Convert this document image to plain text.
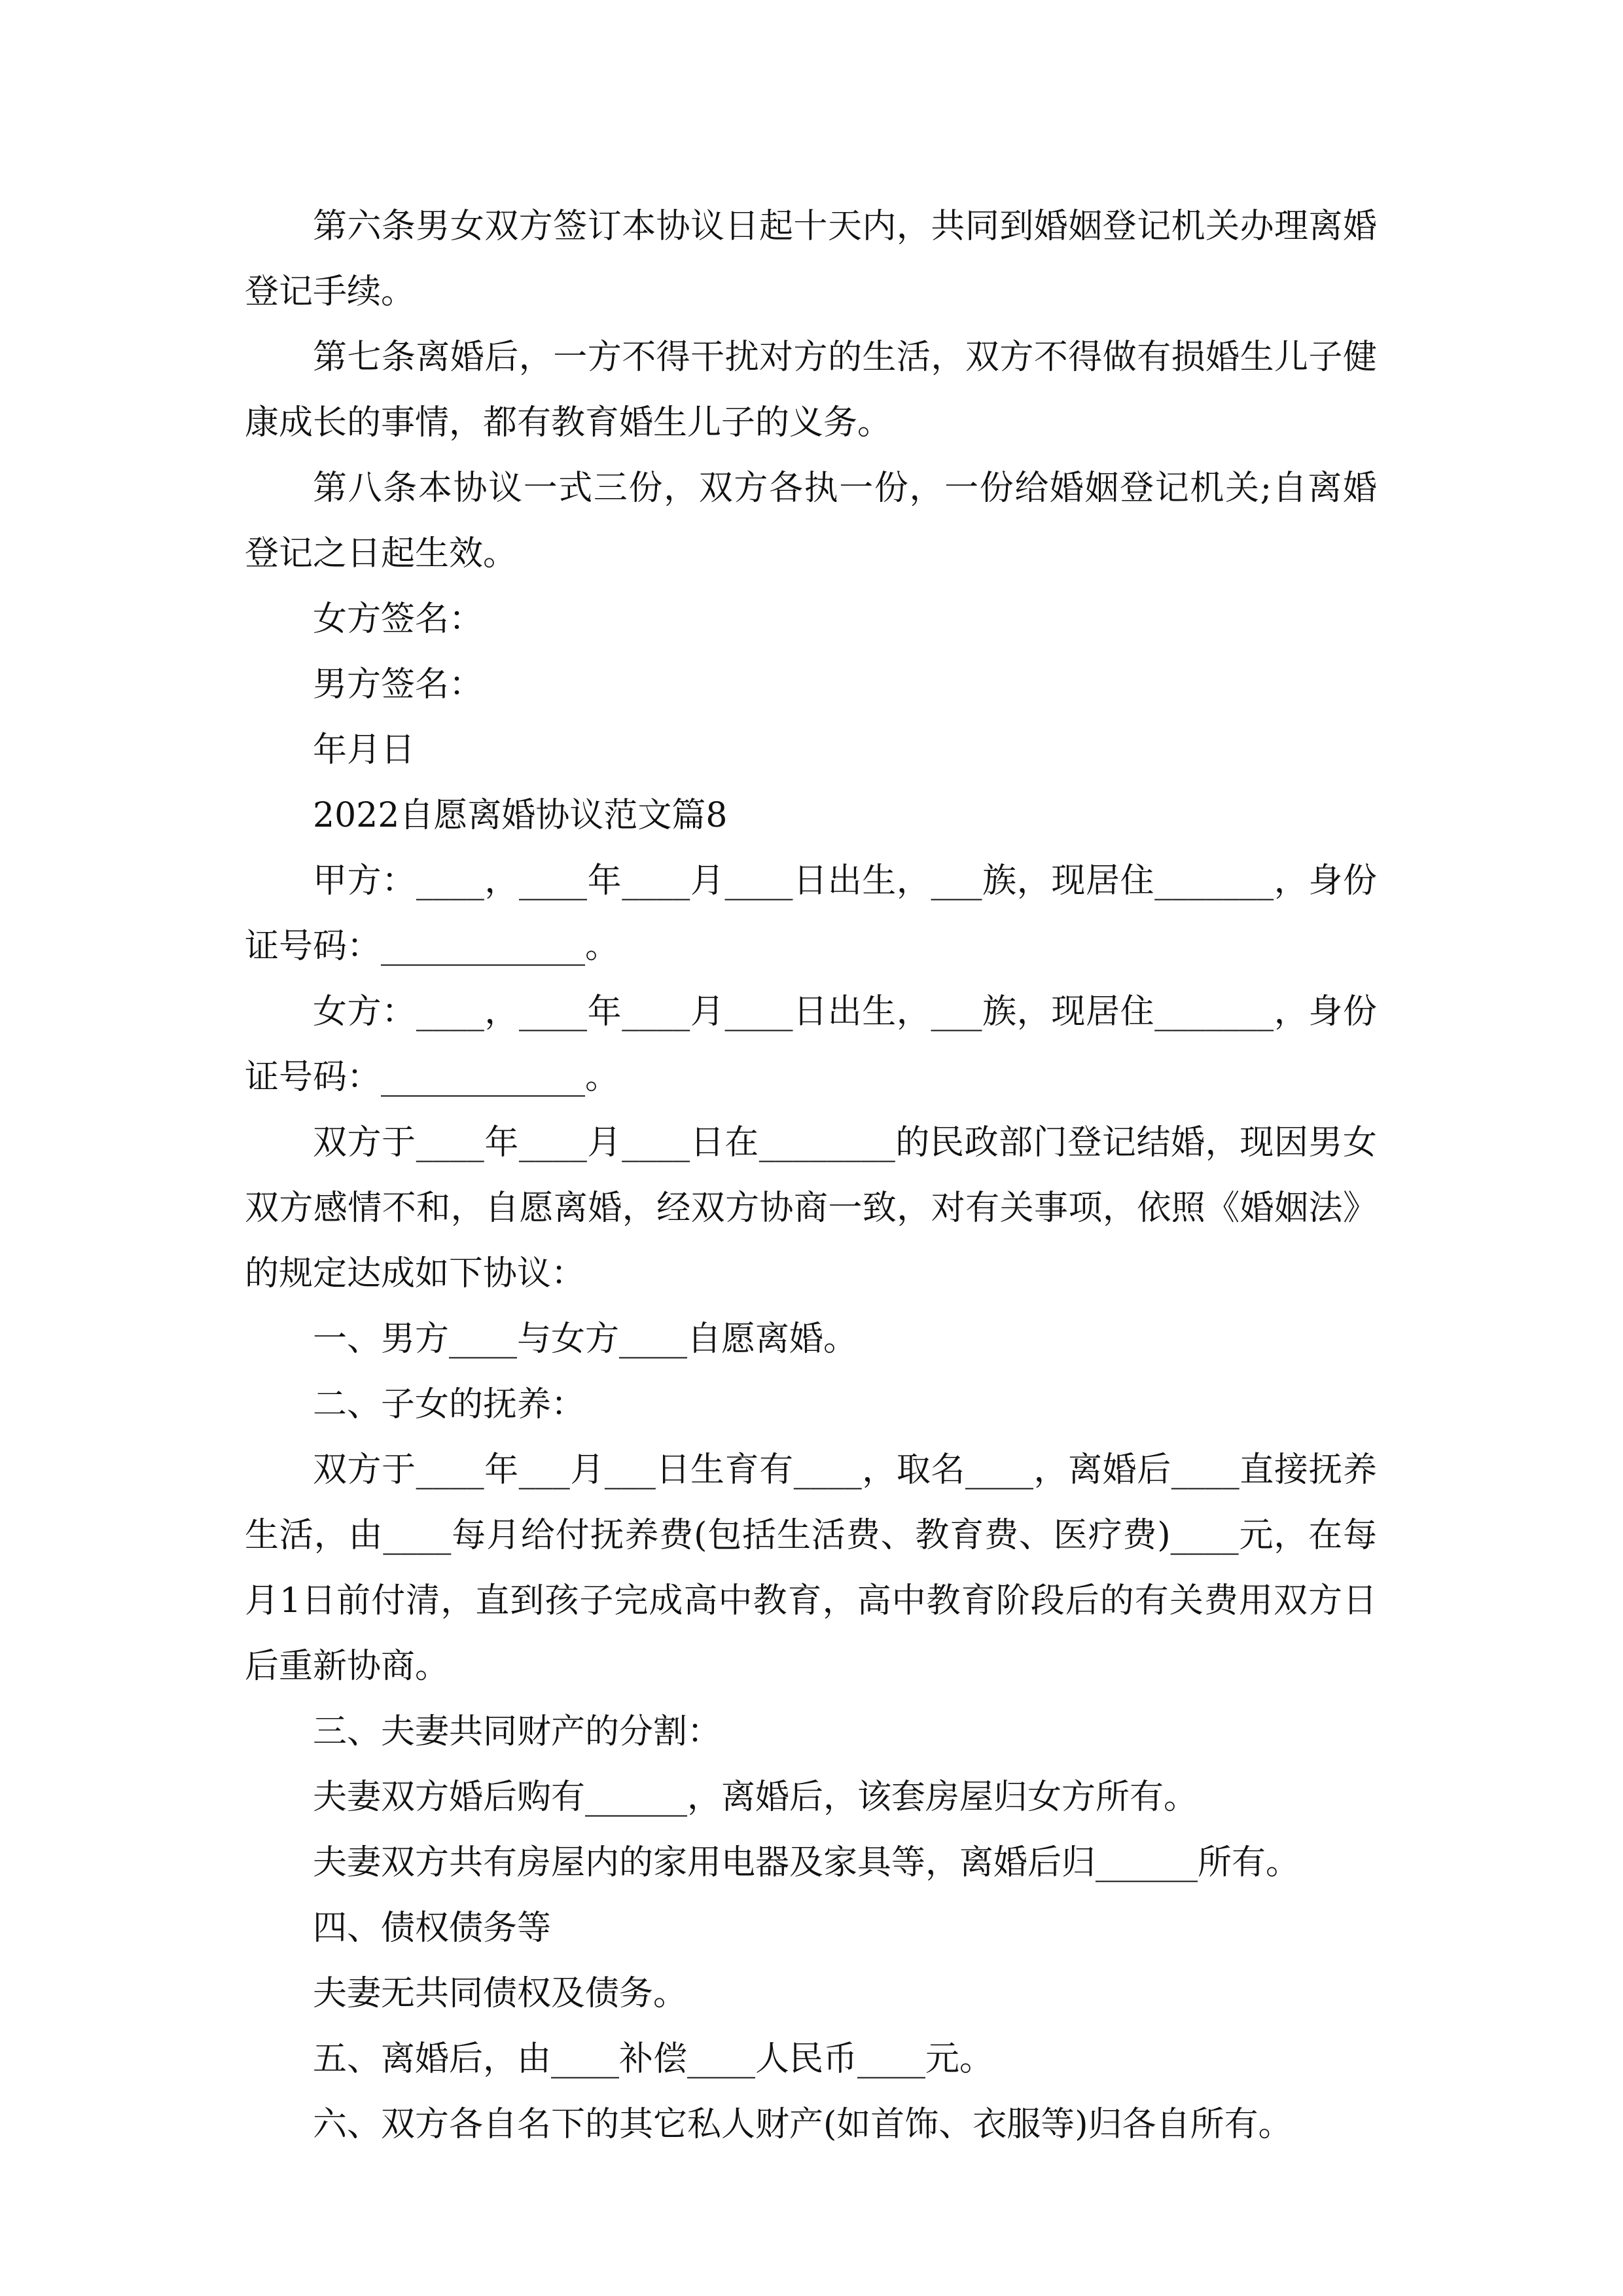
第六条男女双方签订本协议日起十天内，共同到婚姻登记机关办理离婚登记手续。

第七条离婚后，一方不得干扰对方的生活，双方不得做有损婚生儿子健康成长的事情，都有教育婚生儿子的义务。

第八条本协议一式三份，双方各执一份，一份给婚姻登记机关;自离婚登记之日起生效。

女方签名：

男方签名：

年月日

2022自愿离婚协议范文篇8

甲方：____，____年____月____日出生，___族，现居住_______，身份证号码：____________。

女方：____，____年____月____日出生，___族，现居住_______，身份证号码：____________。

双方于____年____月____日在________的民政部门登记结婚，现因男女双方感情不和，自愿离婚，经双方协商一致，对有关事项，依照《婚姻法》的规定达成如下协议：

一、男方____与女方____自愿离婚。

二、子女的抚养：

双方于____年___月___日生育有____，取名____，离婚后____直接抚养生活，由____每月给付抚养费(包括生活费、教育费、医疗费)____元，在每月1日前付清，直到孩子完成高中教育，高中教育阶段后的有关费用双方日后重新协商。

三、夫妻共同财产的分割：

夫妻双方婚后购有______，离婚后，该套房屋归女方所有。

夫妻双方共有房屋内的家用电器及家具等，离婚后归______所有。

四、债权债务等

夫妻无共同债权及债务。

五、离婚后，由____补偿____人民币____元。

六、双方各自名下的其它私人财产(如首饰、衣服等)归各自所有。
